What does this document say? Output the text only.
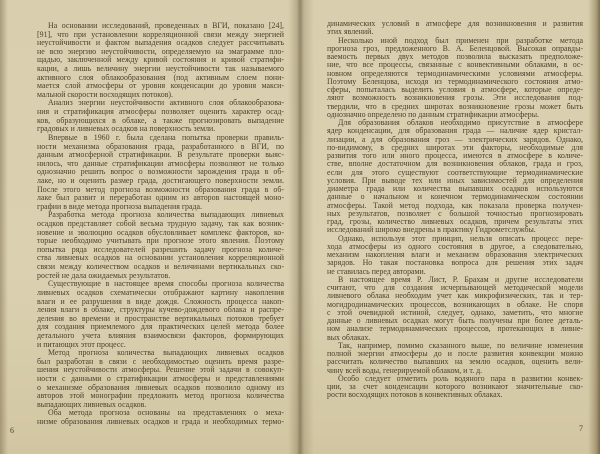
На основании исследований, проведенных в ВГИ, показано [24],
[91], что при установлении корреляционной связи между энергией
неустойчивости и фактом выпадения осадков следует рассчитывать
не всю энергию неустойчивости, определяемую на эмаграмме пло-
щадью, заключенной между кривой состояния и кривой стратифи-
кации, а лишь величину энергии неустойчивости так называемого
активного слоя облакообразования (под активным слоем пони-
мается слой атмосферы от уровня конденсации до уровня макси-
мальной скорости восходящих потоков).
Анализ энергии неустойчивости активного слоя облакообразова-
ния и стратификация атмосферы позволяет оценить характер осад-
ков, образующихся в облаке, а также прогнозировать выпадение
градовых и ливневых осадков на поверхность земли.
Впервые в 1960 г. была сделана попытка проверки правиль-
ности механизма образования града, разработанного в ВГИ, по
данным атмосферной стратификации. В результате проверки выяс-
нилось, что данные стратификации атмосферы позволяют не только
однозначно решить вопрос о возможности зарождения града в об-
лаке, но и оценить размер града, достигающего поверхности земли.
После этого метод прогноза возможности образования града в об-
лаке был развит и переработан одним из авторов настоящей моно-
графии в виде метода прогноза выпадения града.
Разработка метода прогноза количества выпадающих ливневых
осадков представляет собой весьма трудную задачу, так как возник-
новение и эволюцию осадков обусловливает комплекс факторов, ко-
торые необходимо учитывать при прогнозе этого явления. Поэтому
попытка ряда исследователей разрешить задачу прогноза количе-
ства ливневых осадков на основании установления корреляционной
связи между количеством осадков и величинами вертикальных ско-
ростей не дала ожидаемых результатов.
Существующие в настоящее время способы прогноза количества
ливневых осадков схематически отображают картину накопления
влаги и ее разрушения в виде дождя. Сложность процесса накоп-
ления влаги в облаке, структуры кучево-дождевого облака и распре-
деления во времени и пространстве вертикальных потоков требует
для создания приемлемого для практических целей метода более
детального учета влияния взаимосвязи факторов, формирующих
и питающих этот процесс.
Метод прогноза количества выпадающих ливневых осадков
был разработан в связи с необходимостью оценить время разре-
шения неустойчивости атмосферы. Решение этой задачи в совокуп-
ности с данными о стратификации атмосферы и представлениями
о механизме образования ливневых осадков позволило одному из
авторов этой монографии предложить метод прогноза количества
выпадающих ливневых осадков.
Оба метода прогноза основаны на представлениях о меха-
низме образования ливневых осадков и града и необходимых термо-
динамических условий в атмосфере для возникновения и развития
этих явлений.
Несколько иной подход был применен при разработке метода
прогноза гроз, предложенного В. А. Беленцовой. Высокая оправды-
ваемость первых двух методов позволила высказать предположе-
ние, что все процессы, связанные с конвективными облаками, в ос-
новном определяются термодинамическими условиями атмосферы.
Поэтому Беленцова, исходя из термодинамического состояния атмо-
сферы, попыталась выделить условия в атмосфере, которые опреде-
ляют возможность возникновения грозы. Эти исследования под-
твердили, что в средних широтах возникновение грозы может быть
однозначно определено по данным стратификации атмосферы.
Для образования облаков необходимо присутствие в атмосфере
ядер конденсации, для образования града — наличие ядер кристал-
лизации, а для образования гроз — электрических зарядов. Однако,
по-видимому, в средних широтах эти факторы, необходимые для
развития того или иного процесса, имеются в атмосфере в количе-
стве, вполне достаточном для возникновения облаков, града и гроз,
если для этого существуют соответствующие термодинамические
условия. При выводе тех или иных зависимостей для определения
диаметра града или количества выпавших осадков используются
данные о начальном и конечном термодинамическом состоянии
атмосферы. Такой метод подхода, как показала проверка получен-
ных результатов, позволяет с большой точностью прогнозировать
град, грозы, количество ливневых осадков, причем результаты этих
исследований широко внедрены в практику Гидрометслужбы.
Однако, используя этот принцип, нельзя описать процесс пере-
хода атмосферы из одного состояния в другое, а следовательно,
механизм накопления влаги и механизм образования электрических
зарядов. Но такая постановка вопроса для решения этих задач
не ставилась перед авторами.
В настоящее время Р. Лист, Р. Брахам и другие исследователи
считают, что для создания исчерпывающей методической модели
ливневого облака необходим учет как микрофизических, так и тер-
могидродинамических процессов, возникающих в облаке. Не споря
с этой очевидной истиной, следует, однако, заметить, что многие
данные о ливневых осадках могут быть получены при более деталь-
ном анализе термодинамических процессов, протекающих в ливне-
вых облаках.
Так, например, помимо сказанного выше, по величине изменения
полной энергии атмосферы до и после развития конвекции можно
рассчитать количество выпавших на землю осадков, оценить вели-
чину всей воды, генерируемой облаком, и т. д.
Особо следует отметить роль водяного пара в развитии конвек-
ции, за счет конденсации которого возникают значительные ско-
рости восходящих потоков в конвективных облаках.
6	7
